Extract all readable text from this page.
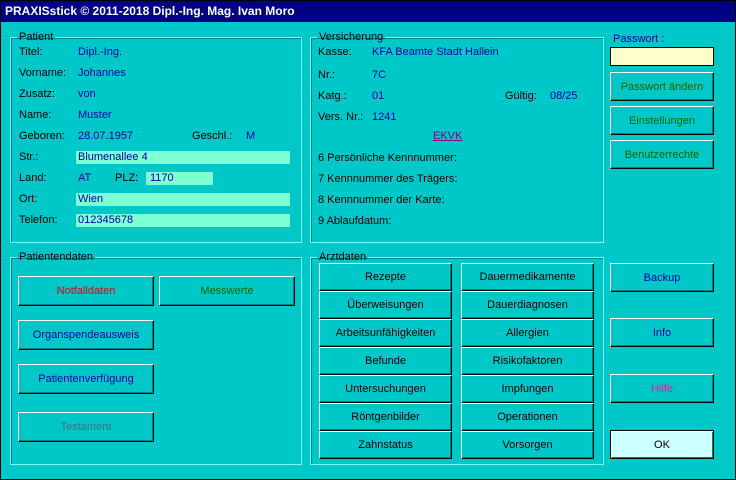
PRAXISstick © 2011-2018 Dipl.-Ing. Mag. Ivan Moro
Patient
Titel:	Dipl.-Ing.
Vorname: Johannes
Zusatz: von
Name: Muster
Geboren: 28.07.1957	Geschl.: M
Str.:	Blumenallee 4
Land:	AT PLZ: 1170
Ort:	Wien
Telefon: 012345678
Versicherung
Kasse: KFA Beamte Stadt Hallein
Nr.:	7C
Katg.: 01	Gültig: 08/25
Vers. Nr.: 1241
EKVK
6 Persönliche Kennnummer:
7 Kennnummer des Trägers:
8 Kennnummer der Karte:
9 Ablaufdatum:
Passwort :
Passwort ändern
Einstellungen
Benutzerrechte
Patientendaten
Notfalldaten	Messwerte
Organspendeausweis
Patientenverfügung
Testament
Arztdaten
Rezepte
Überweisungen
Arbeitsunfähigkeiten
Befunde
Untersuchungen
Röntgenbilder
Zahnstatus
Dauermedikamente
Dauerdiagnosen
Allergien
Risikofaktoren
Impfungen
Operationen
Vorsorgen
Backup
Info
Hilfe
OK
